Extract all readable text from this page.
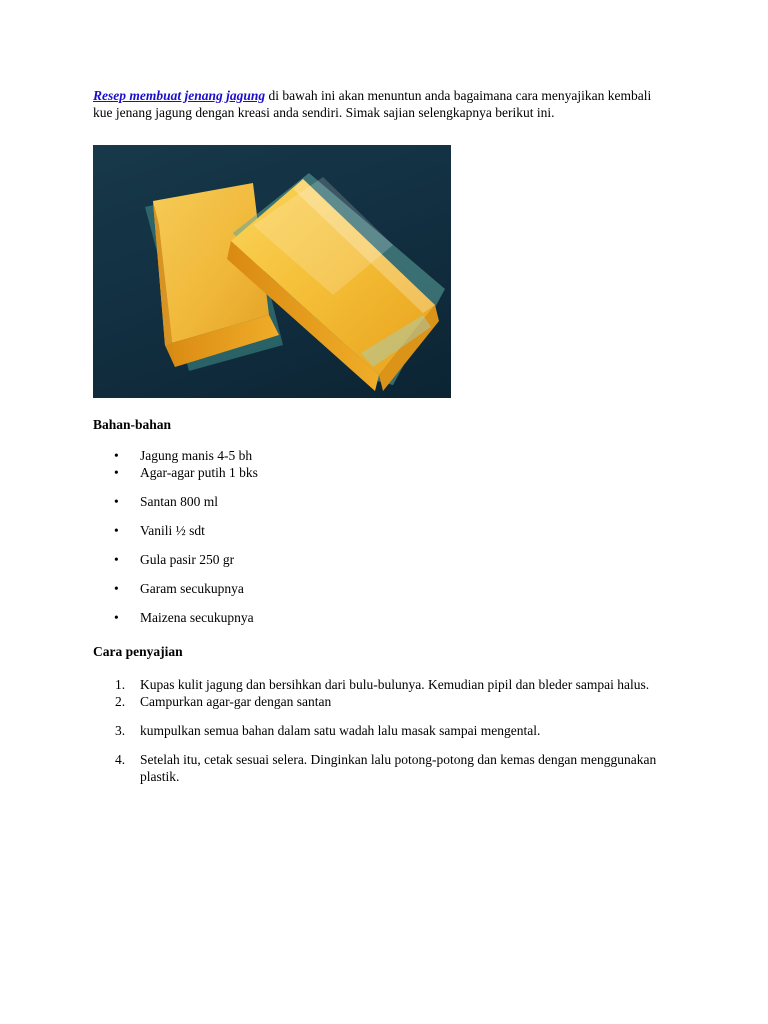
Resep membuat jenang jagung di bawah ini akan menuntun anda bagaimana cara menyajikan kembali kue jenang jagung dengan kreasi anda sendiri. Simak sajian selengkapnya berikut ini.

Bahan-bahan

• Jagung manis 4-5 bh
• Agar-agar putih 1 bks
• Santan 800 ml
• Vanili ½ sdt
• Gula pasir 250 gr
• Garam secukupnya
• Maizena secukupnya

Cara penyajian

1. Kupas kulit jagung dan bersihkan dari bulu-bulunya. Kemudian pipil dan bleder sampai halus.
2. Campurkan agar-gar dengan santan
3. kumpulkan semua bahan dalam satu wadah lalu masak sampai mengental.
4. Setelah itu, cetak sesuai selera. Dinginkan lalu potong-potong dan kemas dengan menggunakan plastik.
